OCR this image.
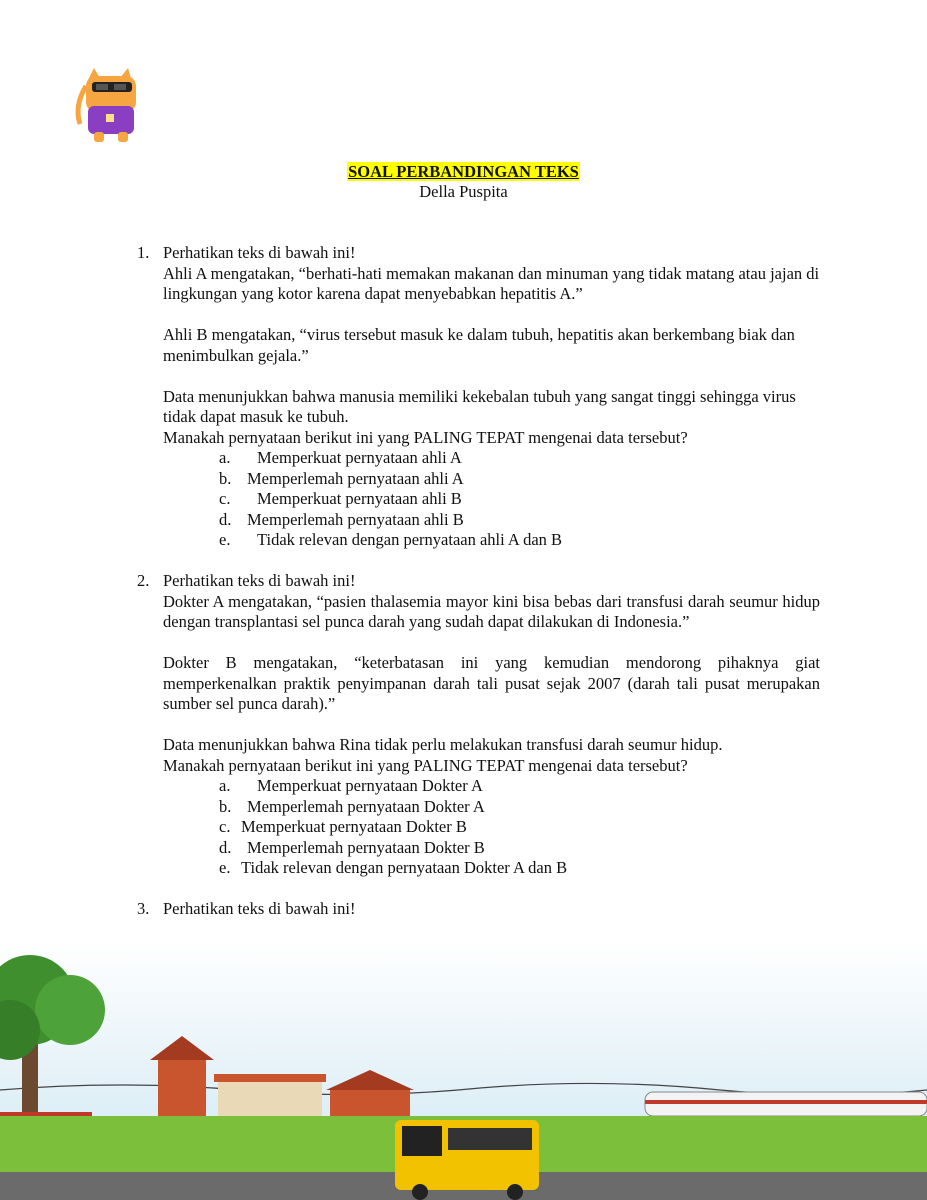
SOAL PERBANDINGAN TEKS
Della Puspita
1. Perhatikan teks di bawah ini!

Ahli A mengatakan, “berhati-hati memakan makanan dan minuman yang tidak matang atau jajan di lingkungan yang kotor karena dapat menyebabkan hepatitis A.”

Ahli B mengatakan, “virus tersebut masuk ke dalam tubuh, hepatitis akan berkembang biak dan menimbulkan gejala.”

Data menunjukkan bahwa manusia memiliki kekebalan tubuh yang sangat tinggi sehingga virus tidak dapat masuk ke tubuh.

Manakah pernyataan berikut ini yang PALING TEPAT mengenai data tersebut?

a.	Memperkuat pernyataan ahli A
b. Memperlemah pernyataan ahli A
c.	Memperkuat pernyataan ahli B
d. Memperlemah pernyataan ahli B
e.	Tidak relevan dengan pernyataan ahli A dan B
2. Perhatikan teks di bawah ini!

Dokter A mengatakan, “pasien thalasemia mayor kini bisa bebas dari transfusi darah seumur hidup dengan transplantasi sel punca darah yang sudah dapat dilakukan di Indonesia.”

Dokter B mengatakan, “keterbatasan ini yang kemudian mendorong pihaknya giat memperkenalkan praktik penyimpanan darah tali pusat sejak 2007 (darah tali pusat merupakan sumber sel punca darah).”

Data menunjukkan bahwa Rina tidak perlu melakukan transfusi darah seumur hidup.

Manakah pernyataan berikut ini yang PALING TEPAT mengenai data tersebut?

a.	Memperkuat pernyataan Dokter A
b. Memperlemah pernyataan Dokter A
c. Memperkuat pernyataan Dokter B
d. Memperlemah pernyataan Dokter B
e. Tidak relevan dengan pernyataan Dokter A dan B
3. Perhatikan teks di bawah ini!
